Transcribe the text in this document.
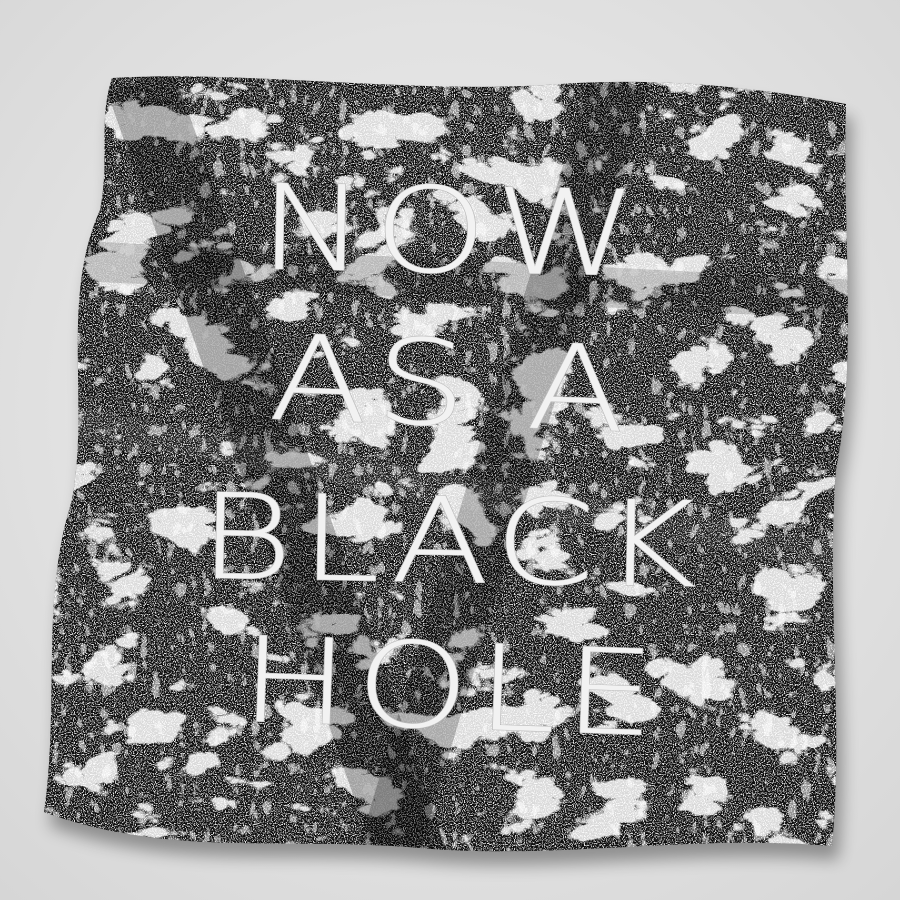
NOW
AS A
BLACK
HOLE
